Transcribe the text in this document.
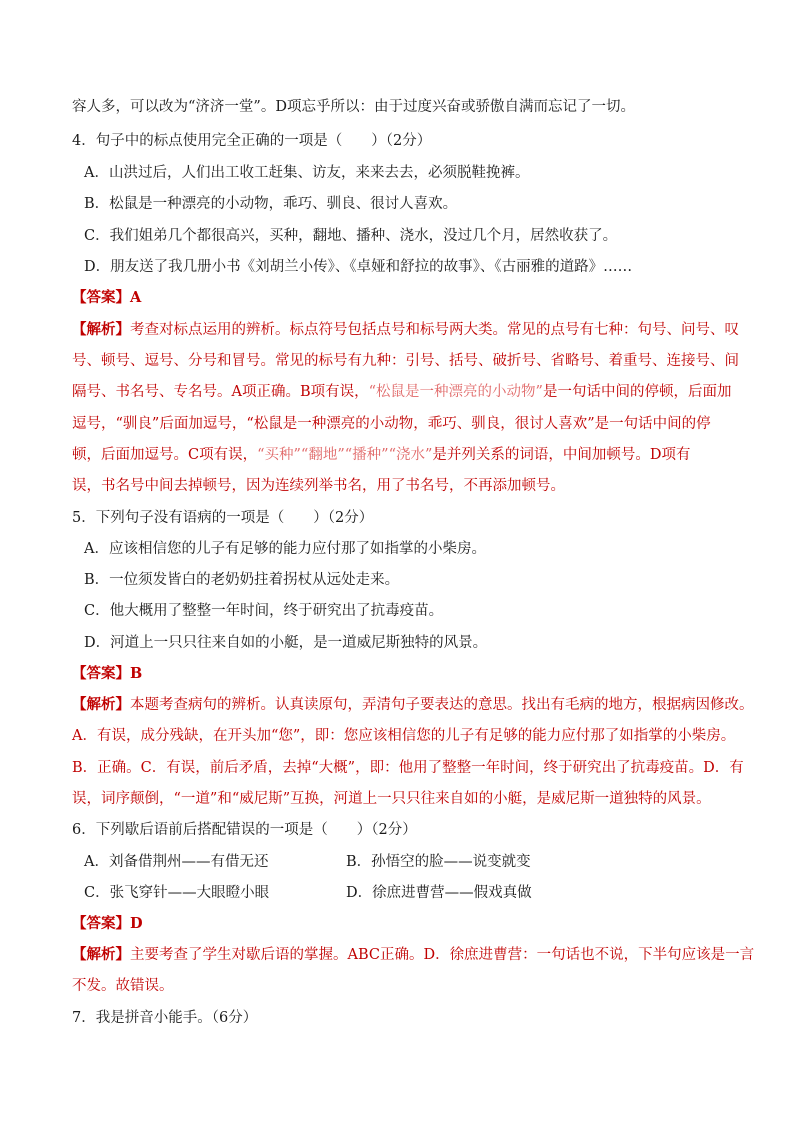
容人多，可以改为“济济一堂”。D项忘乎所以：由于过度兴奋或骄傲自满而忘记了一切。
4．句子中的标点使用完全正确的一项是（　　）（2分）
A．山洪过后，人们出工收工赶集、访友，来来去去，必须脱鞋挽裤。
B．松鼠是一种漂亮的小动物，乖巧、驯良、很讨人喜欢。
C．我们姐弟几个都很高兴，买种，翻地、播种、浇水，没过几个月，居然收获了。
D．朋友送了我几册小书《刘胡兰小传》、《卓娅和舒拉的故事》、《古丽雅的道路》……
【答案】A
【解析】考查对标点运用的辨析。标点符号包括点号和标号两大类。常见的点号有七种：句号、问号、叹
号、顿号、逗号、分号和冒号。常见的标号有九种：引号、括号、破折号、省略号、着重号、连接号、间
隔号、书名号、专名号。A项正确。B项有误，“松鼠是一种漂亮的小动物”是一句话中间的停顿，后面加
逗号，“驯良”后面加逗号，“松鼠是一种漂亮的小动物，乖巧、驯良，很讨人喜欢”是一句话中间的停
顿，后面加逗号。C项有误，“买种”“翻地”“播种”“浇水”是并列关系的词语，中间加顿号。D项有
误，书名号中间去掉顿号，因为连续列举书名，用了书名号，不再添加顿号。
5．下列句子没有语病的一项是（　　）（2分）
A．应该相信您的儿子有足够的能力应付那了如指掌的小柴房。
B．一位须发皆白的老奶奶拄着拐杖从远处走来。
C．他大概用了整整一年时间，终于研究出了抗毒疫苗。
D．河道上一只只往来自如的小艇，是一道威尼斯独特的风景。
【答案】B
【解析】本题考查病句的辨析。认真读原句，弄清句子要表达的意思。找出有毛病的地方，根据病因修改。
A．有误，成分残缺，在开头加“您”，即：您应该相信您的儿子有足够的能力应付那了如指掌的小柴房。
B．正确。C．有误，前后矛盾，去掉“大概”，即：他用了整整一年时间，终于研究出了抗毒疫苗。D．有
误，词序颠倒，“一道”和“威尼斯”互换，河道上一只只往来自如的小艇，是威尼斯一道独特的风景。
6．下列歇后语前后搭配错误的一项是（　　）（2分）
A．刘备借荆州——有借无还	B．孙悟空的脸——说变就变
C．张飞穿针——大眼瞪小眼	D．徐庶进曹营——假戏真做
【答案】D
【解析】主要考查了学生对歇后语的掌握。ABC正确。D．徐庶进曹营：一句话也不说，下半句应该是一言
不发。故错误。
7．我是拼音小能手。（6分）
